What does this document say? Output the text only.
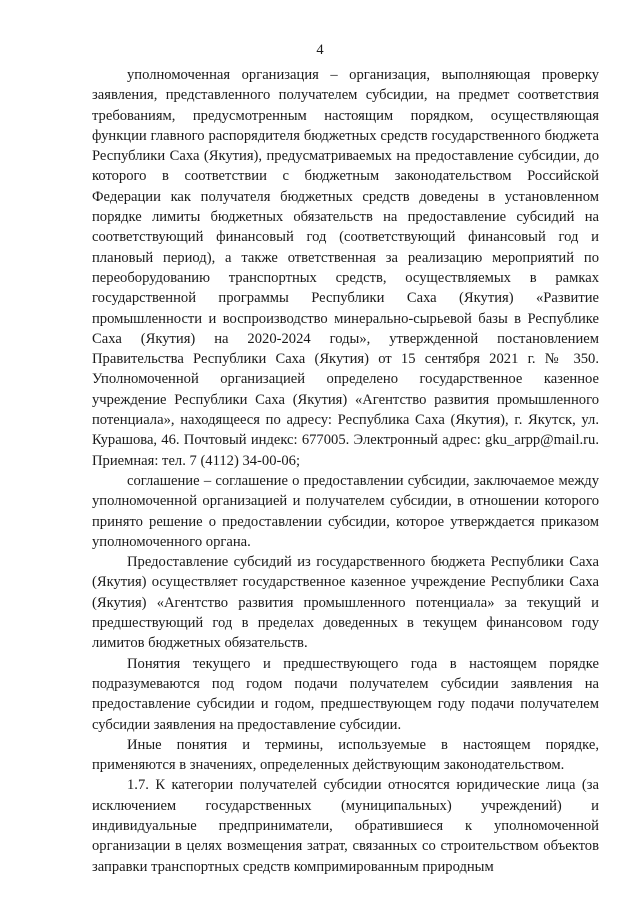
4

уполномоченная организация – организация, выполняющая проверку заявления, представленного получателем субсидии, на предмет соответствия требованиям, предусмотренным настоящим порядком, осуществляющая функции главного распорядителя бюджетных средств государственного бюджета Республики Саха (Якутия), предусматриваемых на предоставление субсидии, до которого в соответствии с бюджетным законодательством Российской Федерации как получателя бюджетных средств доведены в установленном порядке лимиты бюджетных обязательств на предоставление субсидий на соответствующий финансовый год (соответствующий финансовый год и плановый период), а также ответственная за реализацию мероприятий по переоборудованию транспортных средств, осуществляемых в рамках государственной программы Республики Саха (Якутия) «Развитие промышленности и воспроизводство минерально-сырьевой базы в Республике Саха (Якутия) на 2020-2024 годы», утвержденной постановлением Правительства Республики Саха (Якутия) от 15 сентября 2021 г. № 350. Уполномоченной организацией определено государственное казенное учреждение Республики Саха (Якутия) «Агентство развития промышленного потенциала», находящееся по адресу: Республика Саха (Якутия), г. Якутск, ул. Курашова, 46. Почтовый индекс: 677005. Электронный адрес: gku_arpp@mail.ru. Приемная: тел. 7 (4112) 34-00-06;

соглашение – соглашение о предоставлении субсидии, заключаемое между уполномоченной организацией и получателем субсидии, в отношении которого принято решение о предоставлении субсидии, которое утверждается приказом уполномоченного органа.

Предоставление субсидий из государственного бюджета Республики Саха (Якутия) осуществляет государственное казенное учреждение Республики Саха (Якутия) «Агентство развития промышленного потенциала» за текущий и предшествующий год в пределах доведенных в текущем финансовом году лимитов бюджетных обязательств.

Понятия текущего и предшествующего года в настоящем порядке подразумеваются под годом подачи получателем субсидии заявления на предоставление субсидии и годом, предшествующем году подачи получателем субсидии заявления на предоставление субсидии.

Иные понятия и термины, используемые в настоящем порядке, применяются в значениях, определенных действующим законодательством.

1.7. К категории получателей субсидии относятся юридические лица (за исключением государственных (муниципальных) учреждений) и индивидуальные предприниматели, обратившиеся к уполномоченной организации в целях возмещения затрат, связанных со строительством объектов заправки транспортных средств компримированным природным
